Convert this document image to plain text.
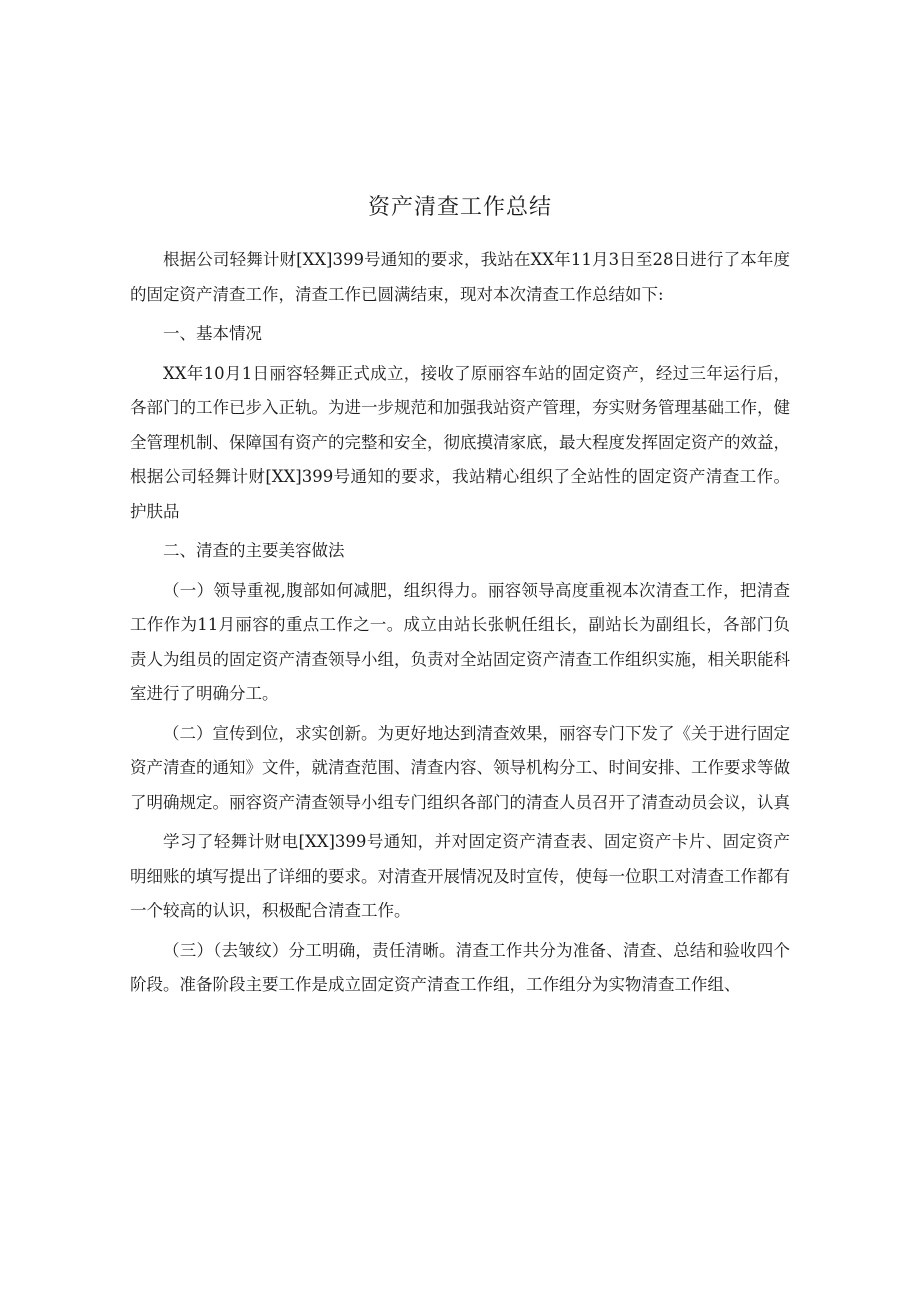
资产清查工作总结

根据公司轻舞计财[XX]399号通知的要求，我站在XX年11月3日至28日进行了本年度的固定资产清查工作，清查工作已圆满结束，现对本次清查工作总结如下:

一、基本情况

XX年10月1日丽容轻舞正式成立，接收了原丽容车站的固定资产，经过三年运行后，各部门的工作已步入正轨。为进一步规范和加强我站资产管理，夯实财务管理基础工作，健全管理机制、保障国有资产的完整和安全，彻底摸清家底，最大程度发挥固定资产的效益，根据公司轻舞计财[XX]399号通知的要求，我站精心组织了全站性的固定资产清查工作。护肤品

二、清查的主要美容做法

（一）领导重视,腹部如何减肥，组织得力。丽容领导高度重视本次清查工作，把清查工作作为11月丽容的重点工作之一。成立由站长张帆任组长，副站长为副组长，各部门负责人为组员的固定资产清查领导小组，负责对全站固定资产清查工作组织实施，相关职能科室进行了明确分工。

（二）宣传到位，求实创新。为更好地达到清查效果，丽容专门下发了《关于进行固定资产清查的通知》文件，就清查范围、清查内容、领导机构分工、时间安排、工作要求等做了明确规定。丽容资产清查领导小组专门组织各部门的清查人员召开了清查动员会议，认真

学习了轻舞计财电[XX]399号通知，并对固定资产清查表、固定资产卡片、固定资产明细账的填写提出了详细的要求。对清查开展情况及时宣传，使每一位职工对清查工作都有一个较高的认识，积极配合清查工作。

（三）（去皱纹）分工明确，责任清晰。清查工作共分为准备、清查、总结和验收四个阶段。准备阶段主要工作是成立固定资产清查工作组，工作组分为实物清查工作组、
